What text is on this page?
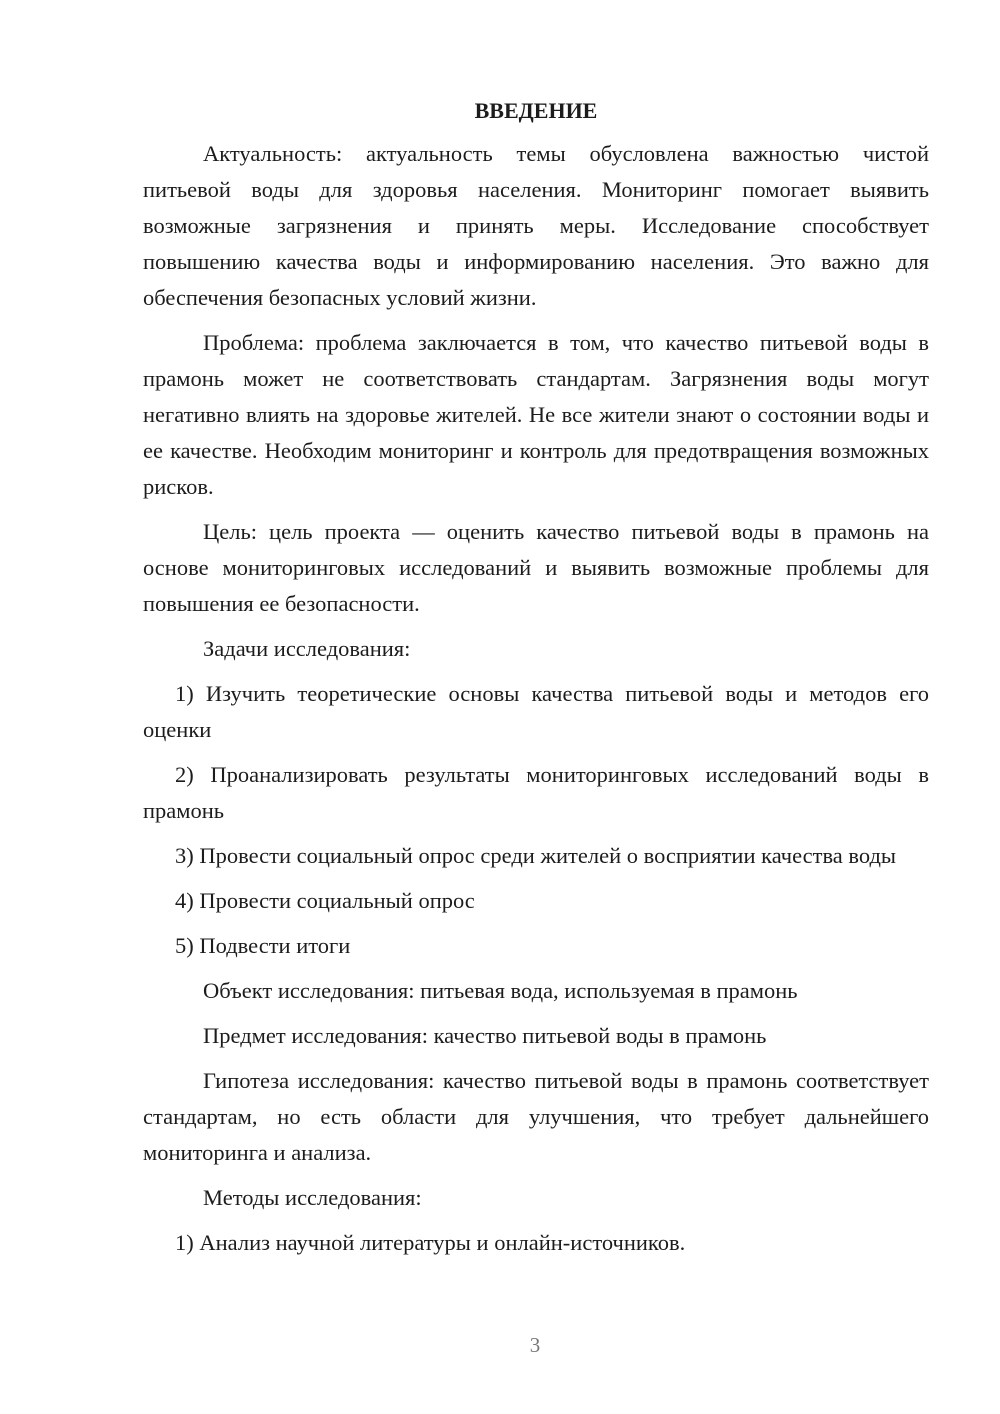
ВВЕДЕНИЕ

Актуальность: актуальность темы обусловлена важностью чистой питьевой воды для здоровья населения. Мониторинг помогает выявить возможные загрязнения и принять меры. Исследование способствует повышению качества воды и информированию населения. Это важно для обеспечения безопасных условий жизни.

Проблема: проблема заключается в том, что качество питьевой воды в прамонь может не соответствовать стандартам. Загрязнения воды могут негативно влиять на здоровье жителей. Не все жители знают о состоянии воды и ее качестве. Необходим мониторинг и контроль для предотвращения возможных рисков.

Цель: цель проекта — оценить качество питьевой воды в прамонь на основе мониторинговых исследований и выявить возможные проблемы для повышения ее безопасности.

Задачи исследования:

1) Изучить теоретические основы качества питьевой воды и методов его оценки

2) Проанализировать результаты мониторинговых исследований воды в прамонь

3) Провести социальный опрос среди жителей о восприятии качества воды

4) Провести социальный опрос

5) Подвести итоги

Объект исследования: питьевая вода, используемая в прамонь

Предмет исследования: качество питьевой воды в прамонь

Гипотеза исследования: качество питьевой воды в прамонь соответствует стандартам, но есть области для улучшения, что требует дальнейшего мониторинга и анализа.

Методы исследования:

1) Анализ научной литературы и онлайн-источников.

3
